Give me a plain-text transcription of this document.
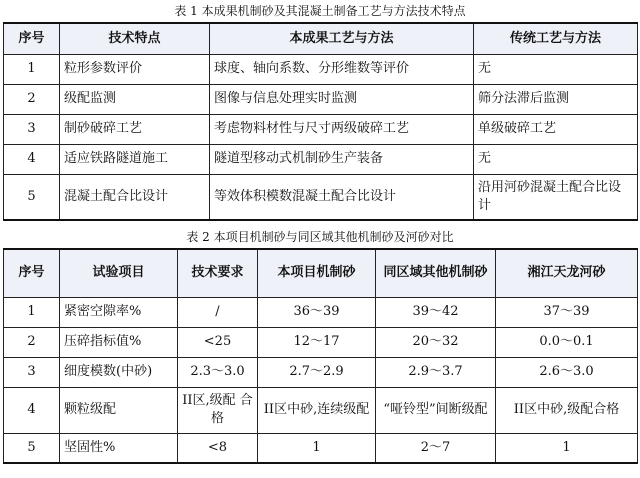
表 1 本成果机制砂及其混凝土制备工艺与方法技术特点
序号	技术特点	本成果工艺与方法	传统工艺与方法
1	粒形参数评价	球度、轴向系数、分形维数等评价	无
2	级配监测	图像与信息处理实时监测	筛分法滞后监测
3	制砂破碎工艺	考虑物料材性与尺寸两级破碎工艺	单级破碎工艺
4	适应铁路隧道施工	隧道型移动式机制砂生产装备	无
5	混凝土配合比设计	等效体积模数混凝土配合比设计	沿用河砂混凝土配合比设计
表 2 本项目机制砂与同区域其他机制砂及河砂对比
序号	试验项目	技术要求	本项目机制砂	同区域其他机制砂	湘江天龙河砂
1	紧密空隙率%	/	36～39	39～42	37～39
2	压碎指标值%	<25	12～17	20～32	0.0～0.1
3	细度模数(中砂)	2.3～3.0	2.7～2.9	2.9～3.7	2.6～3.0
4	颗粒级配	II区,级配 合格	II区中砂,连续级配	“哑铃型”间断级配	II区中砂,级配合格
5	坚固性%	<8	1	2～7	1
